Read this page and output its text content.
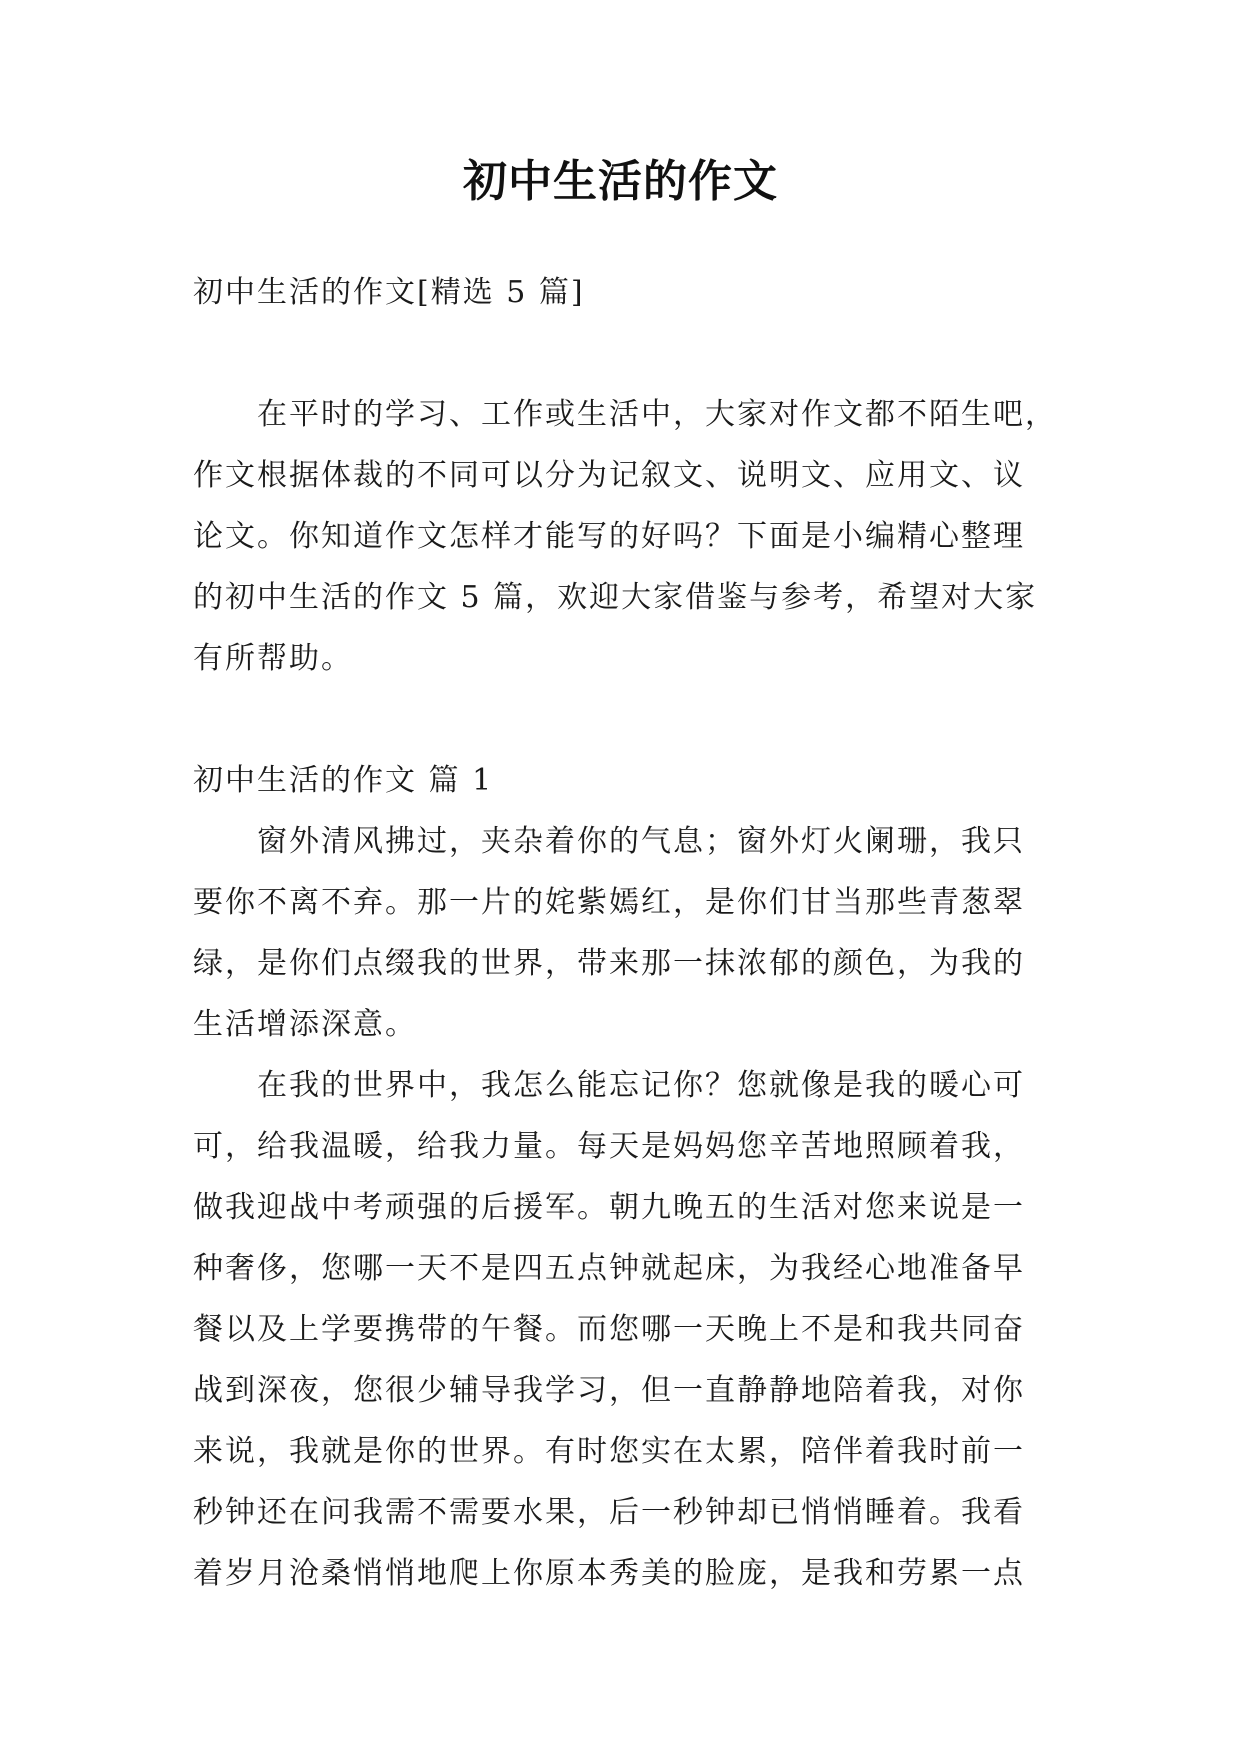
初中生活的作文
初中生活的作文[精选 5 篇]
　　在平时的学习、工作或生活中，大家对作文都不陌生吧，
作文根据体裁的不同可以分为记叙文、说明文、应用文、议
论文。你知道作文怎样才能写的好吗？下面是小编精心整理
的初中生活的作文 5 篇，欢迎大家借鉴与参考，希望对大家
有所帮助。
初中生活的作文 篇 1
　　窗外清风拂过，夹杂着你的气息；窗外灯火阑珊，我只
要你不离不弃。那一片的姹紫嫣红，是你们甘当那些青葱翠
绿，是你们点缀我的世界，带来那一抹浓郁的颜色，为我的
生活增添深意。
　　在我的世界中，我怎么能忘记你？您就像是我的暖心可
可，给我温暖，给我力量。每天是妈妈您辛苦地照顾着我，
做我迎战中考顽强的后援军。朝九晚五的生活对您来说是一
种奢侈，您哪一天不是四五点钟就起床，为我经心地准备早
餐以及上学要携带的午餐。而您哪一天晚上不是和我共同奋
战到深夜，您很少辅导我学习，但一直静静地陪着我，对你
来说，我就是你的世界。有时您实在太累，陪伴着我时前一
秒钟还在问我需不需要水果，后一秒钟却已悄悄睡着。我看
着岁月沧桑悄悄地爬上你原本秀美的脸庞，是我和劳累一点
